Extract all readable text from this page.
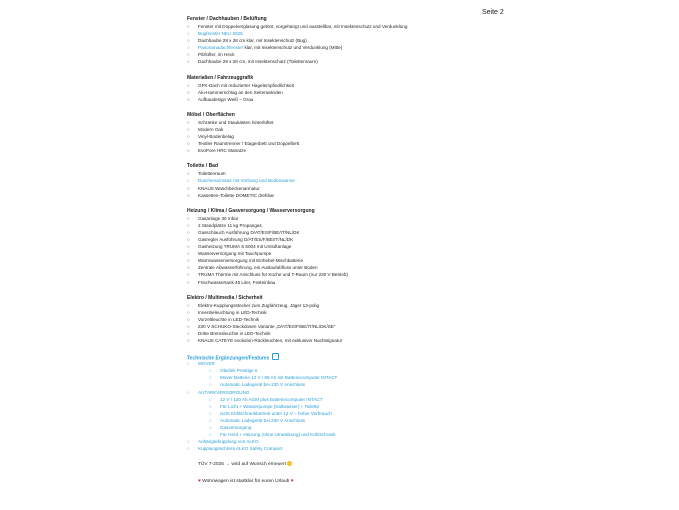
Seite 2
Fenster / Dachhauben / Belüftung
○ Fenster mit Doppelverglasung getönt, vorgehängt und ausstellbar, mit Insektenschutz und Verdunklung
○ Bugfenster NEU 2025
○ Dachhaube 28 x 28 cm klar, mit Insektenschutz (Bug)
○ Panoramadachfenster klar, mit Insektenschutz und Verdunklung (Mitte)
○ Pilzlüfter, im Heck
○ Dachhaube 28 x 28 cm, mit Insektenschutz (Toilettenraum)
Materialien / Fahrzeuggrafik
○ GFK-Dach mit reduzierter Hagelempfindlichkeit
○ Alu-Hammerschlag an den Seitenwänden
○ Aufbaudesign Weiß – Grau
Möbel / Oberflächen
○ Schränke und Staukästen hinterlüftet
○ Modern Oak
○ Vinyl-Bodenbelag
○ Textiler Raumtrenner / Etagenbett und Doppelbett
○ EvoPore HRC Matratze
Toilette / Bad
○ Toilettenraum
○ Duschenarmatur mit Vorhang und Bodenwanne
○ KNAUS Waschbeckenarmatur
○ Kassetten-Toilette DOMETIC drehbar
Heizung / Klima / Gasversorgung / Wasserversorgung
○ Gasanlage 30 mbar
○ 2 Standplätze 11 kg Propangas
○ Gasschlauch Ausführung D/AT/ES/F/BE/IT/NL/DK
○ Gasregler Ausführung D/AT/ES/F/BE/IT/NL/DK
○ Gasheizung TRUMA S 5004 mit Umluftanlage
○ Wasserversorgung mit Tauchpumpe
○ Warmwasserversorgung mit Einhebel-Mischbatterie
○ Zentrale Abwasserführung, ein Auslaufabfluss unter Boden
○ TRUMA Therme mit Anschluss für Küche und T-Raum (nur 230 V Betrieb)
○ Frischwassertank 45 Liter, Festeinbau
Elektro / Multimedia / Sicherheit
○ Elektro-Kupplungsstecker zum Zugfahrzeug, Jäger 13-polig
○ Innenbeleuchtung in LED-Technik
○ Vorzeltleuchte in LED-Technik
○ 230 V SCHUKO-Steckdosen Variante „D/AT/ES/F/BE/IT/NL/DK/SE“
○ Dritte Bremsleuchte in LED-Technik
○ KNAUS CATEYE evolution-Rückleuchten, mit exklusiver Nachtsignatur
Technische Ergänzungen/Features
○ MOVER
○ Obelink Prestige II
○ Mover Batterie 12 V / 85 Ah mit Batteriecomputer INTACT
○ Automatic Ladegerät bei 230 V Anschluss
○ AUTARKVERSORGUNG
○ 12 V / 120 Ah AGM plus Batteriecomputer INTACT
○ Für Licht + Wasserpumpe (Kaltwasser) + Toilette
○ nicht Kühlschrankbetrieb unter 12 V – hoher Verbrauch
○ Automatic Ladegerät bei 230 V Anschluss
○ Gasversorgung
○ Für Herd + Heizung (ohne Umwälzung) und Kühlschrank
○ Anhängerkupplung von ALKO
○ Kupplungsschloss ALKO Safety Compact
TÜV 7-2025 → wird auf Wunsch erneuert
♥ Wohnwagen ist startklar für euren Urlaub ♥
